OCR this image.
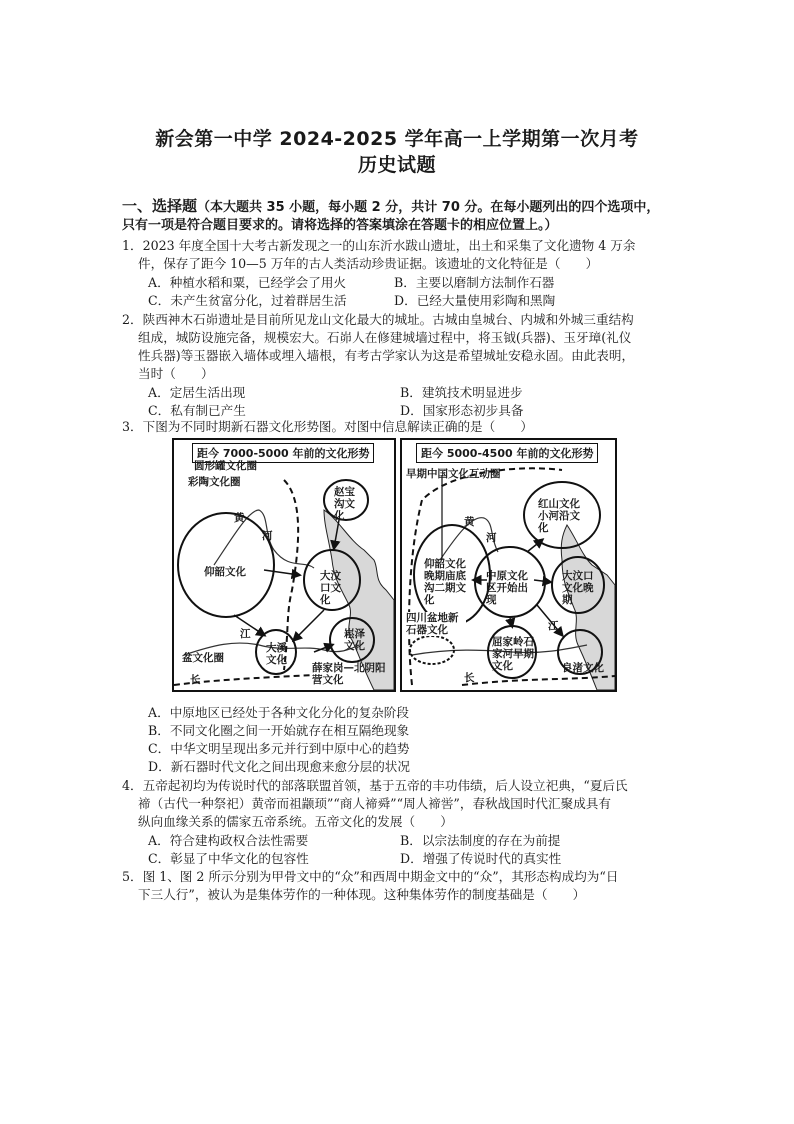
新会第一中学 2024-2025 学年高一上学期第一次月考
历史试题
一、选择题（本大题共 35 小题，每小题 2 分，共计 70 分。在每小题列出的四个选项中，
只有一项是符合题目要求的。请将选择的答案填涂在答题卡的相应位置上。）
1．2023 年度全国十大考古新发现之一的山东沂水跋山遗址，出土和采集了文化遗物 4 万余
件，保存了距今 10—5 万年的古人类活动珍贵证据。该遗址的文化特征是（　　）
A．种植水稻和粟，已经学会了用火	B．主要以磨制方法制作石器
C．未产生贫富分化，过着群居生活	D．已经大量使用彩陶和黑陶
2．陕西神木石峁遗址是目前所见龙山文化最大的城址。古城由皇城台、内城和外城三重结构
组成，城防设施完备，规模宏大。石峁人在修建城墙过程中，将玉钺(兵器)、玉牙璋(礼仪
性兵器)等玉器嵌入墙体或埋入墙根，有考古学家认为这是希望城址安稳永固。由此表明，
当时（　　）
A．定居生活出现	B．建筑技术明显进步
C．私有制已产生	D．国家形态初步具备
3．下图为不同时期新石器文化形势图。对图中信息解读正确的是（　　）
距今 7000-5000 年前的文化形势
圆形罐文化圈
彩陶文化圈
赵宝沟文化
黄
河
仰韶文化	大汶口文化
江
大溪文化
崧泽文化
盆文化圈
长
薛家岗—北阴阳营文化
距今 5000-4500 年前的文化形势
早期中国文化互动圈
红山文化小河沿文化
黄
河
仰韶文化晚期庙底沟二期文化
中原文化区开始出现
大汶口文化晚期
四川盆地新石器文化
屈家岭石家河早期文化
江
长
良渚文化
A．中原地区已经处于各种文化分化的复杂阶段
B．不同文化圈之间一开始就存在相互隔绝现象
C．中华文明呈现出多元并行到中原中心的趋势
D．新石器时代文化之间出现愈来愈分层的状况
4．五帝起初均为传说时代的部落联盟首领，基于五帝的丰功伟绩，后人设立祀典，“夏后氏
禘（古代一种祭祀）黄帝而祖颛顼”“商人禘舜”“周人禘喾”，春秋战国时代汇聚成具有
纵向血缘关系的儒家五帝系统。五帝文化的发展（　　）
A．符合建构政权合法性需要	B．以宗法制度的存在为前提
C．彰显了中华文化的包容性	D．增强了传说时代的真实性
5．图 1、图 2 所示分别为甲骨文中的“众”和西周中期金文中的“众”，其形态构成均为“日
下三人行”，被认为是集体劳作的一种体现。这种集体劳作的制度基础是（　　）
